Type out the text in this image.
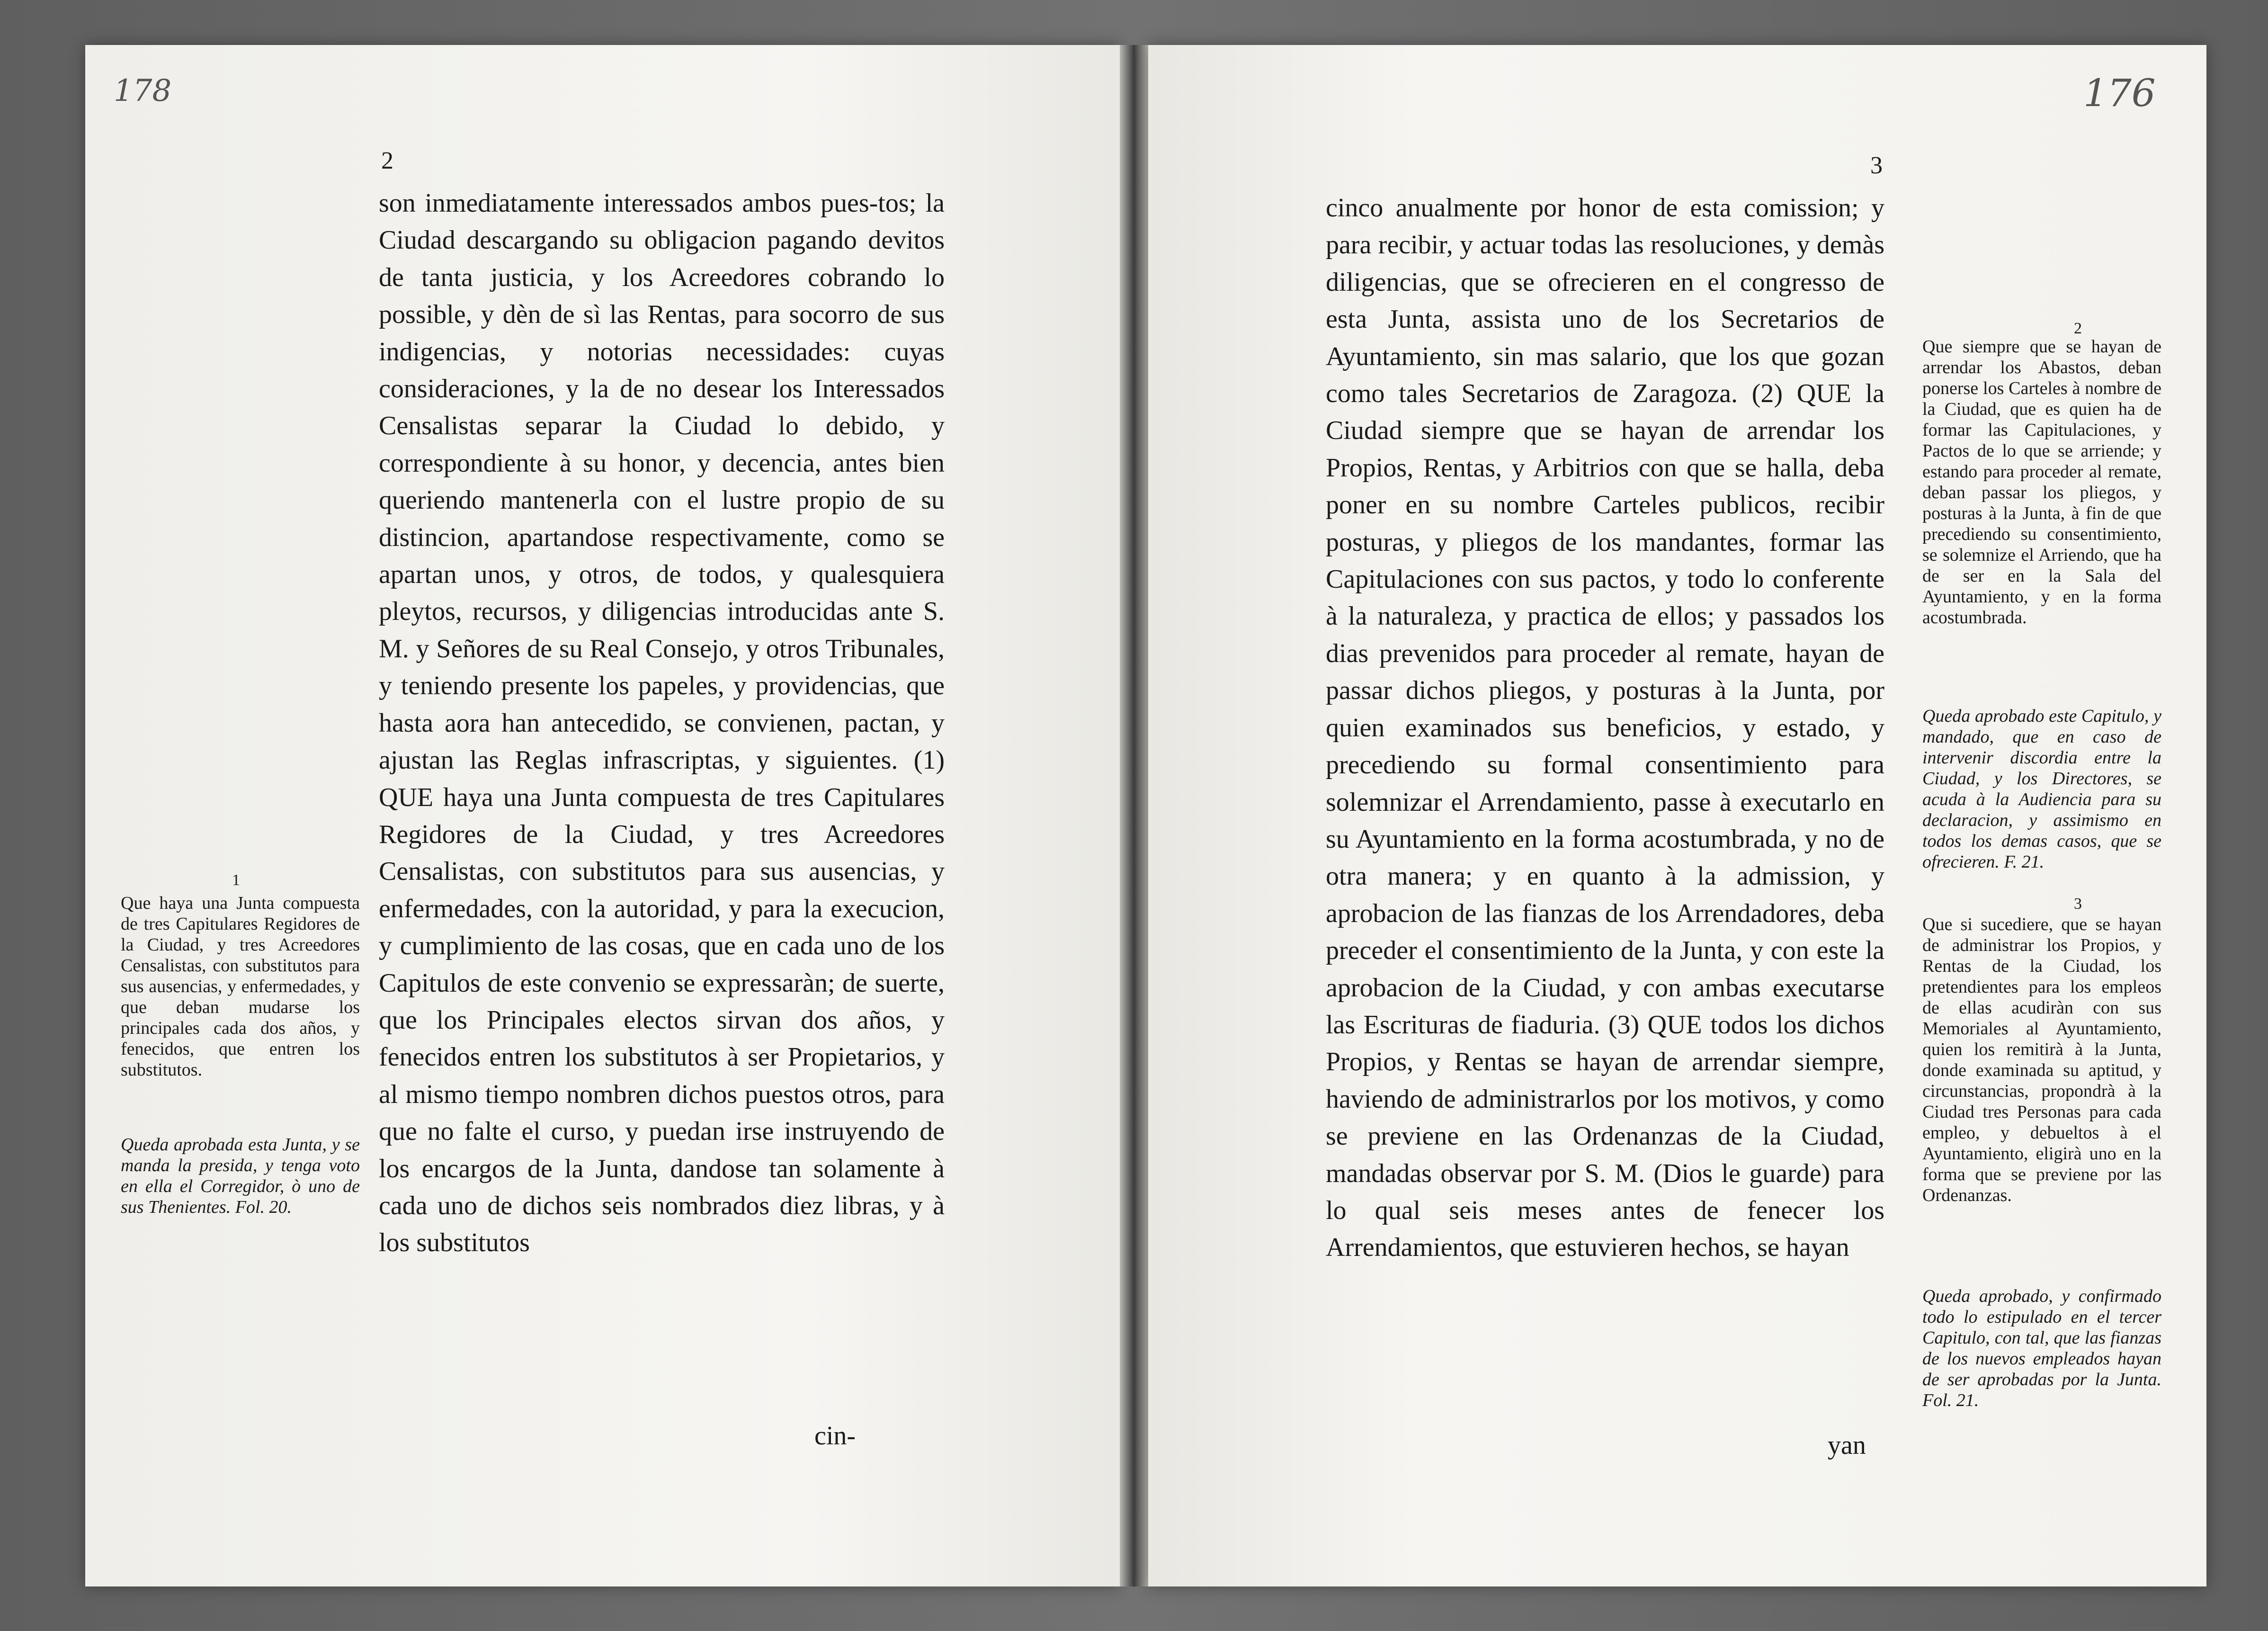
178
2

son inmediatamente interessados ambos pues-tos; la Ciudad descargando su obligacion pagando devitos de tanta justicia, y los Acreedores cobrando lo possible, y dèn de sì las Rentas, para socorro de sus indigencias, y notorias necessidades: cuyas consideraciones, y la de no desear los Interessados Censalistas separar la Ciudad lo debido, y correspondiente à su honor, y decencia, antes bien queriendo mantenerla con el lustre propio de su distincion, apartandose respectivamente, como se apartan unos, y otros, de todos, y qualesquiera pleytos, recursos, y diligencias introducidas ante S. M. y Señores de su Real Consejo, y otros Tribunales, y teniendo presente los papeles, y providencias, que hasta aora han antecedido, se convienen, pactan, y ajustan las Reglas infrascriptas, y siguientes. (1) QUE haya una Junta compuesta de tres Capitulares Regidores de la Ciudad, y tres Acreedores Censalistas, con substitutos para sus ausencias, y enfermedades, con la autoridad, y para la execucion, y cumplimiento de las cosas, que en cada uno de los Capitulos de este convenio se expressaràn; de suerte, que los Principales electos sirvan dos años, y fenecidos entren los substitutos à ser Propietarios, y al mismo tiempo nombren dichos puestos otros, para que no falte el curso, y puedan irse instruyendo de los encargos de la Junta, dandose tan solamente à cada uno de dichos seis nombrados diez libras, y à los substitutos

cin-
1

Que haya una Junta compuesta de tres Capitulares Regidores de la Ciudad, y tres Acreedores Censalistas, con substitutos para sus ausencias, y enfermedades, y que deban mudarse los principales cada dos años, y fenecidos, que entren los substitutos.

Queda aprobada esta Junta, y se manda la presida, y tenga voto en ella el Corregidor, ò uno de sus Thenientes. Fol. 20.

176
3

cinco anualmente por honor de esta comission; y para recibir, y actuar todas las resoluciones, y demàs diligencias, que se ofrecieren en el congresso de esta Junta, assista uno de los Secretarios de Ayuntamiento, sin mas salario, que los que gozan como tales Secretarios de Zaragoza. (2) QUE la Ciudad siempre que se hayan de arrendar los Propios, Rentas, y Arbitrios con que se halla, deba poner en su nombre Carteles publicos, recibir posturas, y pliegos de los mandantes, formar las Capitulaciones con sus pactos, y todo lo conferente à la naturaleza, y practica de ellos; y passados los dias prevenidos para proceder al remate, hayan de passar dichos pliegos, y posturas à la Junta, por quien examinados sus beneficios, y estado, y precediendo su formal consentimiento para solemnizar el Arrendamiento, passe à executarlo en su Ayuntamiento en la forma acostumbrada, y no de otra manera; y en quanto à la admission, y aprobacion de las fianzas de los Arrendadores, deba preceder el consentimiento de la Junta, y con este la aprobacion de la Ciudad, y con ambas executarse las Escrituras de fiaduria. (3) QUE todos los dichos Propios, y Rentas se hayan de arrendar siempre, haviendo de administrarlos por los motivos, y como se previene en las Ordenanzas de la Ciudad, mandadas observar por S. M. (Dios le guarde) para lo qual seis meses antes de fenecer los Arrendamientos, que estuvieren hechos, se hayan

yan
2

Que siempre que se hayan de arrendar los Abastos, deban ponerse los Carteles à nombre de la Ciudad, que es quien ha de formar las Capitulaciones, y Pactos de lo que se arriende; y estando para proceder al remate, deban passar los pliegos, y posturas à la Junta, à fin de que precediendo su consentimiento, se solemnize el Arriendo, que ha de ser en la Sala del Ayuntamiento, y en la forma acostumbrada.

Queda aprobado este Capitulo, y mandado, que en caso de intervenir discordia entre la Ciudad, y los Directores, se acuda à la Audiencia para su declaracion, y assimismo en todos los demas casos, que se ofrecieren. F. 21.

3

Que si sucediere, que se hayan de administrar los Propios, y Rentas de la Ciudad, los pretendientes para los empleos de ellas acudiràn con sus Memoriales al Ayuntamiento, quien los remitirà à la Junta, donde examinada su aptitud, y circunstancias, propondrà à la Ciudad tres Personas para cada empleo, y debueltos à el Ayuntamiento, eligirà uno en la forma que se previene por las Ordenanzas.

Queda aprobado, y confirmado todo lo estipulado en el tercer Capitulo, con tal, que las fianzas de los nuevos empleados hayan de ser aprobadas por la Junta. Fol. 21.
